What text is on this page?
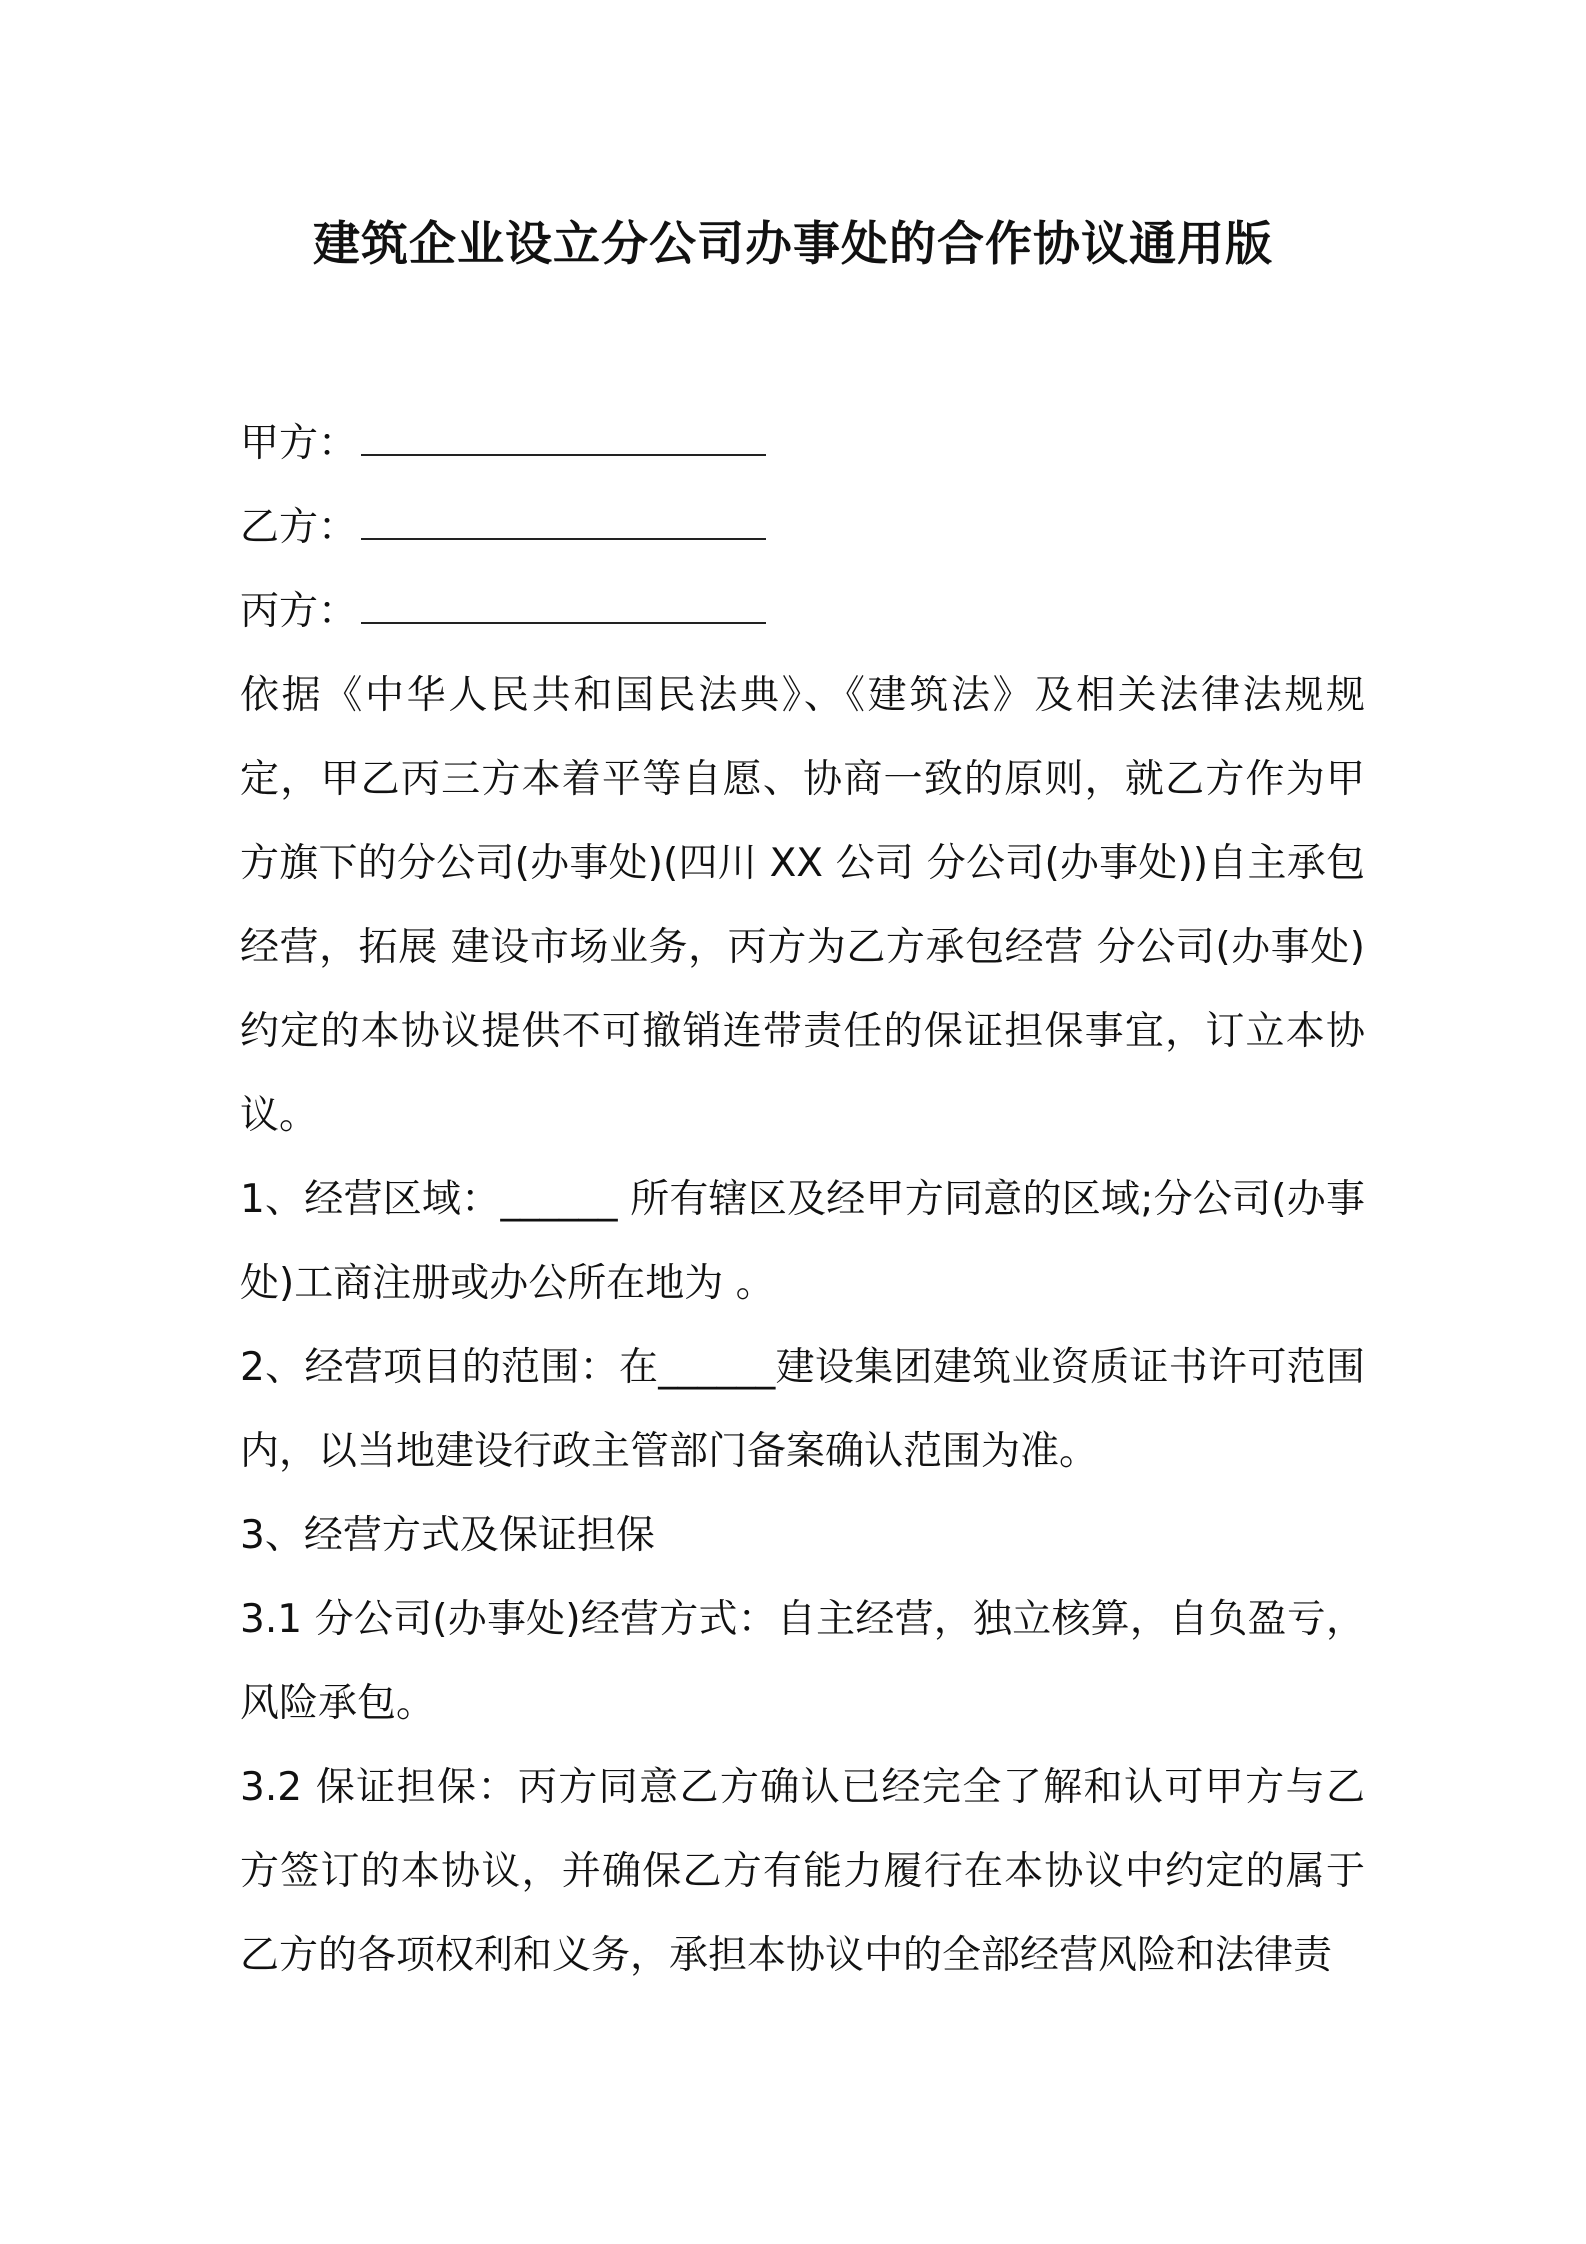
建筑企业设立分公司办事处的合作协议通用版
甲方：
乙方：
丙方：

依据《中华人民共和国民法典》、《建筑法》及相关法律法规规定，甲乙丙三方本着平等自愿、协商一致的原则，就乙方作为甲方旗下的分公司(办事处)(四川 XX 公司 分公司(办事处))自主承包经营，拓展 建设市场业务，丙方为乙方承包经营 分公司(办事处)约定的本协议提供不可撤销连带责任的保证担保事宜，订立本协议。

1、经营区域：______ 所有辖区及经甲方同意的区域;分公司(办事处)工商注册或办公所在地为 。

2、经营项目的范围：在______建设集团建筑业资质证书许可范围内，以当地建设行政主管部门备案确认范围为准。

3、经营方式及保证担保

3.1 分公司(办事处)经营方式：自主经营，独立核算，自负盈亏，风险承包。

3.2 保证担保：丙方同意乙方确认已经完全了解和认可甲方与乙方签订的本协议，并确保乙方有能力履行在本协议中约定的属于乙方的各项权利和义务，承担本协议中的全部经营风险和法律责
